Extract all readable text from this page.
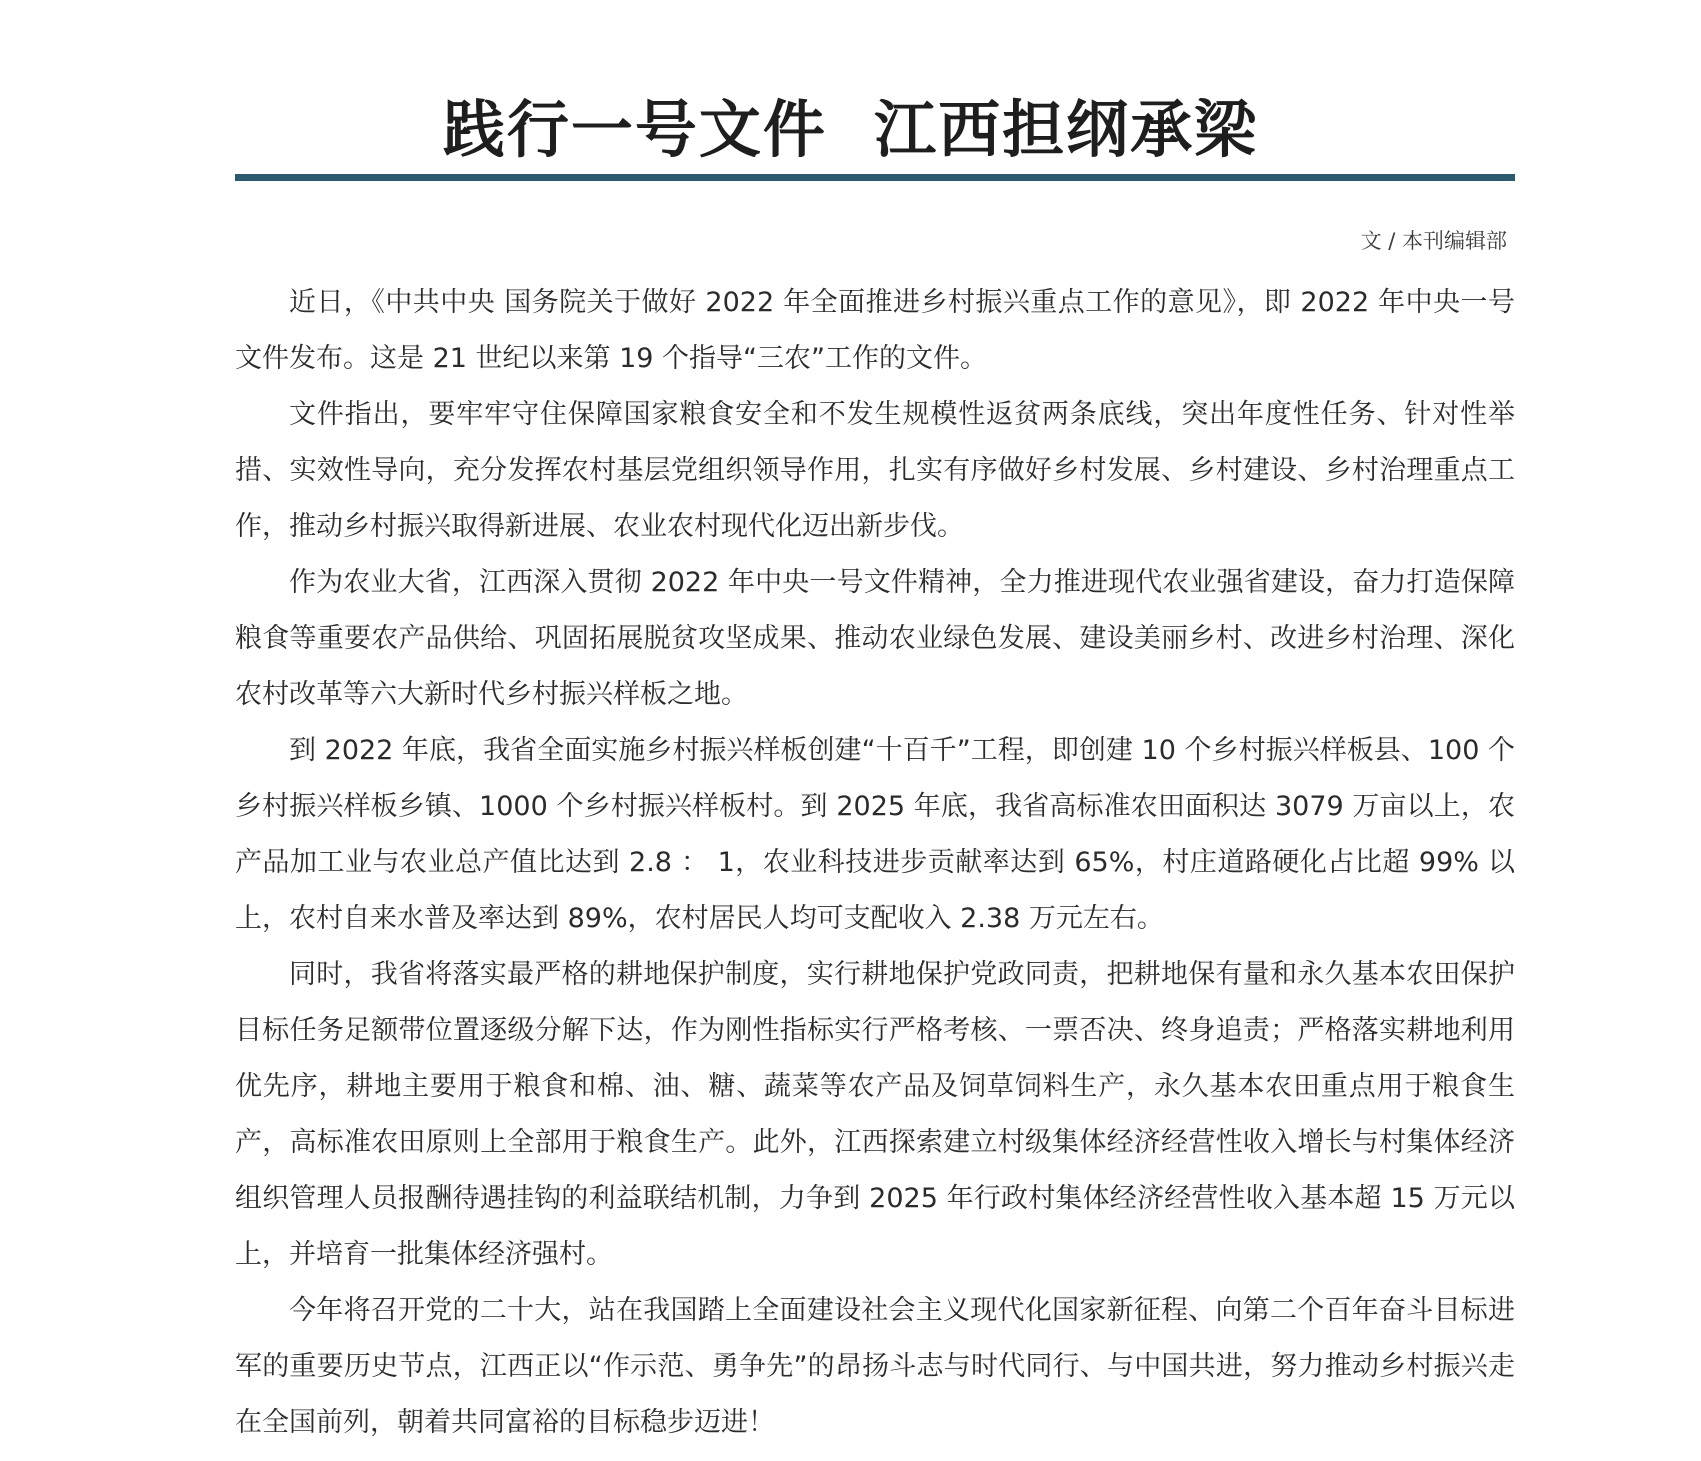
践行一号文件  江西担纲承梁
文 / 本刊编辑部

近日，《中共中央 国务院关于做好 2022 年全面推进乡村振兴重点工作的意见》，即 2022 年中央一号文件发布。这是 21 世纪以来第 19 个指导“三农”工作的文件。

文件指出，要牢牢守住保障国家粮食安全和不发生规模性返贫两条底线，突出年度性任务、针对性举措、实效性导向，充分发挥农村基层党组织领导作用，扎实有序做好乡村发展、乡村建设、乡村治理重点工作，推动乡村振兴取得新进展、农业农村现代化迈出新步伐。

作为农业大省，江西深入贯彻 2022 年中央一号文件精神，全力推进现代农业强省建设，奋力打造保障粮食等重要农产品供给、巩固拓展脱贫攻坚成果、推动农业绿色发展、建设美丽乡村、改进乡村治理、深化农村改革等六大新时代乡村振兴样板之地。

到 2022 年底，我省全面实施乡村振兴样板创建“十百千”工程，即创建 10 个乡村振兴样板县、100 个乡村振兴样板乡镇、1000 个乡村振兴样板村。到 2025 年底，我省高标准农田面积达 3079 万亩以上，农产品加工业与农业总产值比达到 2.8 ： 1，农业科技进步贡献率达到 65%，村庄道路硬化占比超 99% 以上，农村自来水普及率达到 89%，农村居民人均可支配收入 2.38 万元左右。

同时，我省将落实最严格的耕地保护制度，实行耕地保护党政同责，把耕地保有量和永久基本农田保护目标任务足额带位置逐级分解下达，作为刚性指标实行严格考核、一票否决、终身追责；严格落实耕地利用优先序，耕地主要用于粮食和棉、油、糖、蔬菜等农产品及饲草饲料生产，永久基本农田重点用于粮食生产，高标准农田原则上全部用于粮食生产。此外，江西探索建立村级集体经济经营性收入增长与村集体经济组织管理人员报酬待遇挂钩的利益联结机制，力争到 2025 年行政村集体经济经营性收入基本超 15 万元以上，并培育一批集体经济强村。

今年将召开党的二十大，站在我国踏上全面建设社会主义现代化国家新征程、向第二个百年奋斗目标进军的重要历史节点，江西正以“作示范、勇争先”的昂扬斗志与时代同行、与中国共进，努力推动乡村振兴走在全国前列，朝着共同富裕的目标稳步迈进！
